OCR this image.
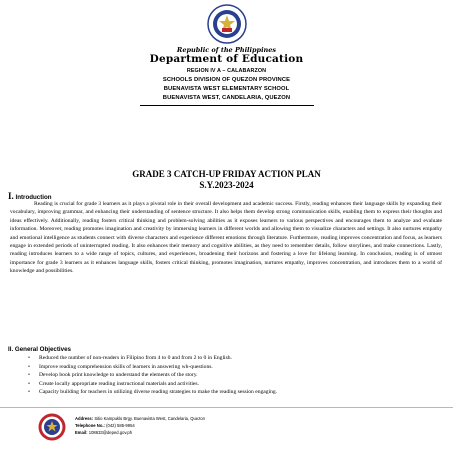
Republic of the Philippines
Department of Education
REGION IV A – CALABARZON
SCHOOLS DIVISION OF QUEZON PROVINCE
BUENAVISTA WEST ELEMENTARY SCHOOL
BUENAVISTA WEST, CANDELARIA, QUEZON
GRADE 3 CATCH-UP FRIDAY ACTION PLAN
S.Y.2023-2024
I. Introduction

Reading is crucial for grade 3 learners as it plays a pivotal role in their overall development and academic success. Firstly, reading enhances their language skills by expanding their vocabulary, improving grammar, and enhancing their understanding of sentence structure. It also helps them develop strong communication skills, enabling them to express their thoughts and ideas effectively. Additionally, reading fosters critical thinking and problem-solving abilities as it exposes learners to various perspectives and encourages them to analyze and evaluate information. Moreover, reading promotes imagination and creativity by immersing learners in different worlds and allowing them to visualize characters and settings. It also nurtures empathy and emotional intelligence as students connect with diverse characters and experience different emotions through literature. Furthermore, reading improves concentration and focus, as learners engage in extended periods of uninterrupted reading. It also enhances their memory and cognitive abilities, as they need to remember details, follow storylines, and make connections. Lastly, reading introduces learners to a wide range of topics, cultures, and experiences, broadening their horizons and fostering a love for lifelong learning. In conclusion, reading is of utmost importance for grade 3 learners as it enhances language skills, fosters critical thinking, promotes imagination, nurtures empathy, improves concentration, and introduces them to a world of knowledge and possibilities.

II. General Objectives
• Reduced the number of non-readers in Filipino from 4 to 0 and from 2 to 0 in English.
• Improve reading comprehension skills of learners in answering wh-questions.
• Develop book print knowledge to understand the elements of the story.
• Create locally appropriate reading instructional materials and activities.
• Capacity building for teachers in utilizing diverse reading strategies to make the reading session engaging.
Address: Sitio Kampuklo Brgy. Buenavista West, Candelaria, Quezon
Telephone No.: (042) 585-9954
Email: 108633@deped.gov.ph
